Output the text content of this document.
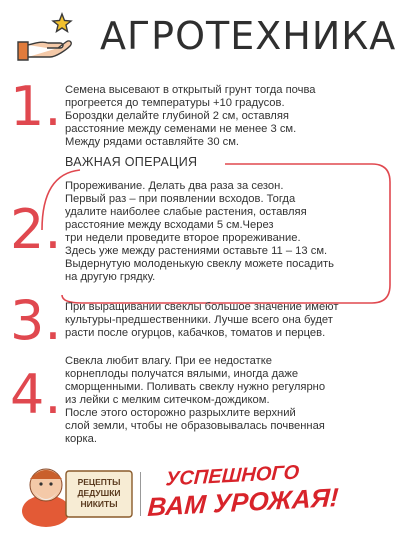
АГРОТЕХНИКА
1. Семена высевают в открытый грунт тогда почва
прогреется до температуры +10 градусов.
Бороздки делайте глубиной 2 см, оставляя
расстояние между семенами не менее 3 см.
Между рядами оставляйте 30 см.
ВАЖНАЯ ОПЕРАЦИЯ
2.
Прореживание. Делать два раза за сезон.
Первый раз – при появлении всходов. Тогда
удалите наиболее слабые растения, оставляя
расстояние между всходами 5 см.Через
три недели проведите второе прореживание.
Здесь уже между растениями оставьте 11 – 13 см.
Выдернутую молоденькую свеклу можете посадить
на другую грядку.
3. При выращивании свеклы большое значение имеют
культуры-предшественники. Лучше всего она будет
расти после огурцов, кабачков, томатов и перцев.
4.
Свекла любит влагу. При ее недостатке
корнеплоды получатся вялыми, иногда даже
сморщенными. Поливать свеклу нужно регулярно
из лейки с мелким ситечком-дождиком.
После этого осторожно разрыхлите верхний
слой земли, чтобы не образовывалась почвенная
корка.
РЕЦЕПТЫ
ДЕДУШКИ
НИКИТЫ
УСПЕШНОГО
ВАМ УРОЖАЯ!
